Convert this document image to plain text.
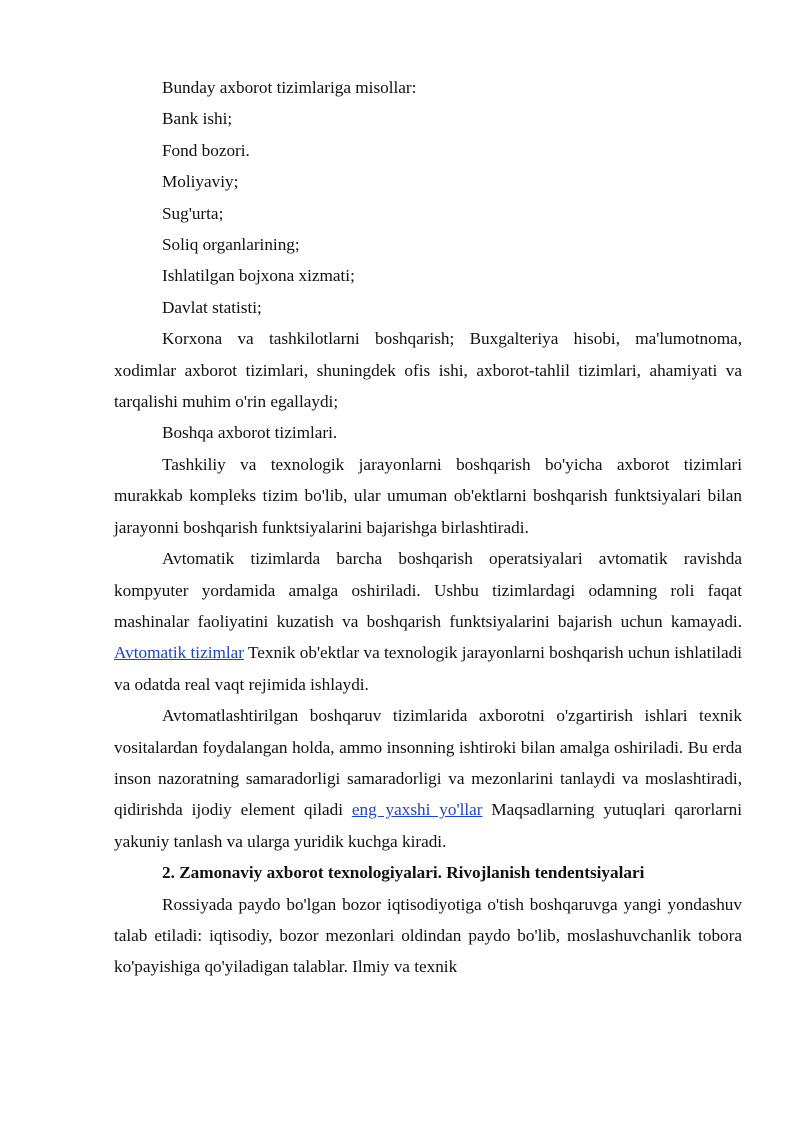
Bunday axborot tizimlariga misollar:

Bank ishi;

Fond bozori.

Moliyaviy;

Sug'urta;

Soliq organlarining;

Ishlatilgan bojxona xizmati;

Davlat statisti;

Korxona va tashkilotlarni boshqarish; Buxgalteriya hisobi, ma'lumotnoma, xodimlar axborot tizimlari, shuningdek ofis ishi, axborot-tahlil tizimlari, ahamiyati va tarqalishi muhim o'rin egallaydi;

Boshqa axborot tizimlari.

Tashkiliy va texnologik jarayonlarni boshqarish bo'yicha axborot tizimlari murakkab kompleks tizim bo'lib, ular umuman ob'ektlarni boshqarish funktsiyalari bilan jarayonni boshqarish funktsiyalarini bajarishga birlashtiradi.

Avtomatik tizimlarda barcha boshqarish operatsiyalari avtomatik ravishda kompyuter yordamida amalga oshiriladi. Ushbu tizimlardagi odamning roli faqat mashinalar faoliyatini kuzatish va boshqarish funktsiyalarini bajarish uchun kamayadi. Avtomatik tizimlar Texnik ob'ektlar va texnologik jarayonlarni boshqarish uchun ishlatiladi va odatda real vaqt rejimida ishlaydi.

Avtomatlashtirilgan boshqaruv tizimlarida axborotni o'zgartirish ishlari texnik vositalardan foydalangan holda, ammo insonning ishtiroki bilan amalga oshiriladi. Bu erda inson nazoratning samaradorligi samaradorligi va mezonlarini tanlaydi va moslashtiradi, qidirishda ijodiy element qiladi eng yaxshi yo'llar Maqsadlarning yutuqlari qarorlarni yakuniy tanlash va ularga yuridik kuchga kiradi.

2. Zamonaviy axborot texnologiyalari. Rivojlanish tendentsiyalari

Rossiyada paydo bo'lgan bozor iqtisodiyotiga o'tish boshqaruvga yangi yondashuv talab etiladi: iqtisodiy, bozor mezonlari oldindan paydo bo'lib, moslashuvchanlik tobora ko'payishiga qo'yiladigan talablar. Ilmiy va texnik
